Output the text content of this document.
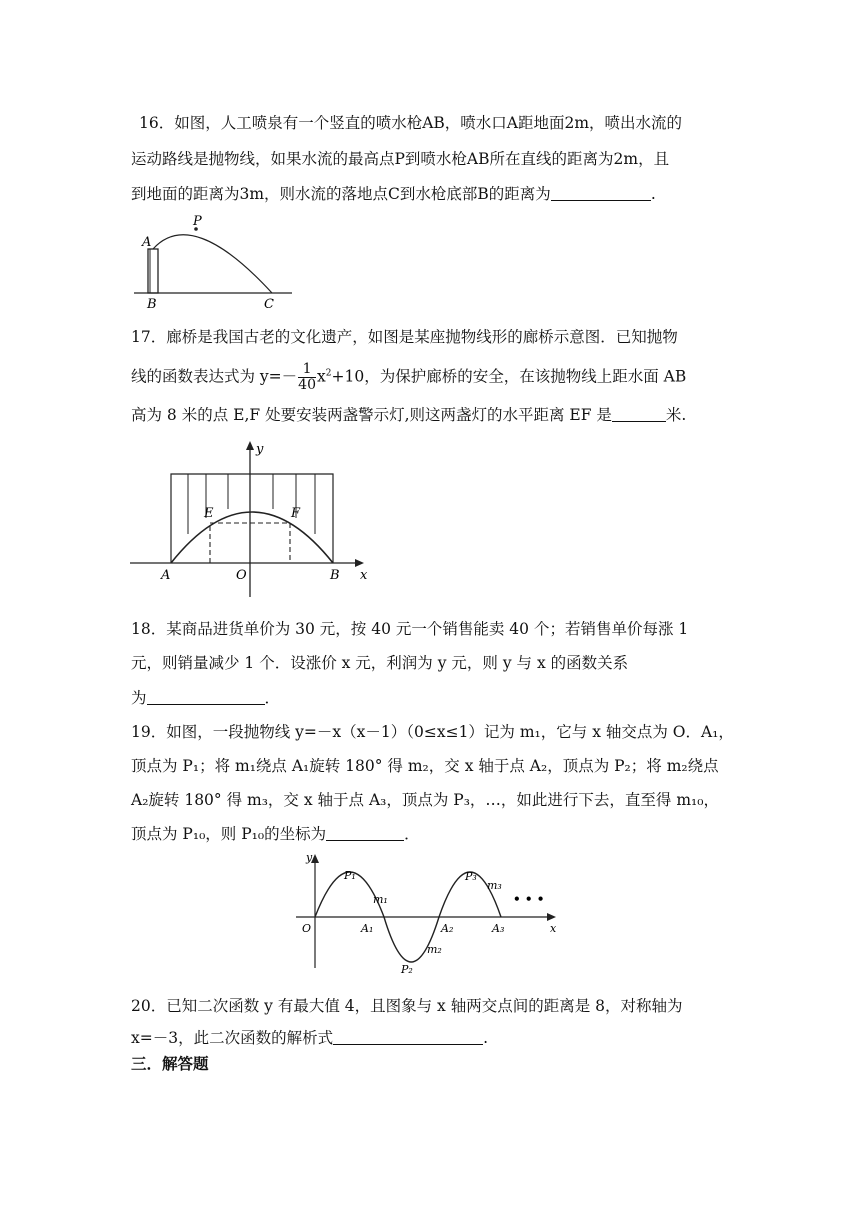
16．如图，人工喷泉有一个竖直的喷水枪AB，喷水口A距地面2m，喷出水流的
运动路线是抛物线，如果水流的最高点P到喷水枪AB所在直线的距离为2m，且
到地面的距离为3m，则水流的落地点C到水枪底部B的距离为	.
A
B	C
P
17．廊桥是我国古老的文化遗产，如图是某座抛物线形的廊桥示意图．已知抛物
线的函数表达式为 $y=- \frac{1}{40} x^2+10$，为保护廊桥的安全，在该抛物线上距水面 AB
高为 8 米的点 E,F 处要安装两盏警示灯,则这两盏灯的水平距离 EF 是	米.
y
x
A	O	B
E	F
18．某商品进货单价为 30 元，按 40 元一个销售能卖 40 个；若销售单价每涨 1
元，则销量减少 1 个．设涨价 x 元，利润为 y 元，则 y 与 x 的函数关系
为	．
19．如图，一段抛物线 y=－x（x－1）（0≤x≤1）记为 m₁，它与 x 轴交点为 O．A₁，
顶点为 P₁；将 m₁绕点 A₁旋转 180° 得 m₂，交 x 轴于点 A₂，顶点为 P₂；将 m₂绕点
A₂旋转 180° 得 m₃，交 x 轴于点 A₃，顶点为 P₃，…，如此进行下去，直至得 m₁₀，
顶点为 P₁₀，则 P₁₀的坐标为	．
y
x
O
P₁
m₁
A₁
P₂
m₂
A₂
P₃
m₃
A₃
• • •
20．已知二次函数 y 有最大值 4，且图象与 x 轴两交点间的距离是 8，对称轴为
x=－3，此二次函数的解析式	.
三．解答题
